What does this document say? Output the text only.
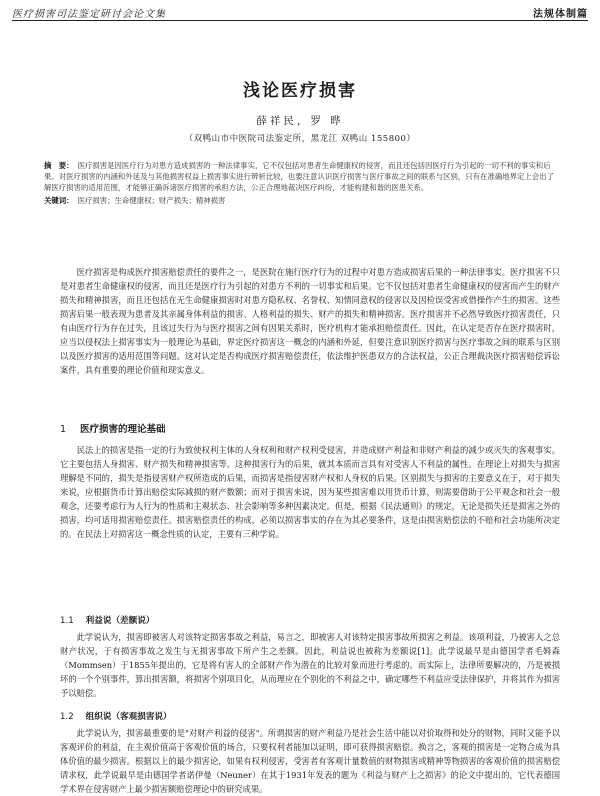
医疗损害司法鉴定研讨会论文集	法规体制篇
浅论医疗损害
薛祥民，罗 晔
（双鸭山市中医院司法鉴定所，黑龙江 双鸭山 155800）
摘　要： 医疗损害是因医疗行为对患方造成损害的一种法律事实，它不仅包括对患者生命健康权的侵害，而且还包括因医疗行为引起的一切不利的事实和后果。对医疗损害的内涵和外延及与其他损害权益上损害事实进行辨析比较，也要注意认识医疗损害与医疗事故之间的联系与区别，只有在准确地界定上会出了解医疗损害的适用范围，才能够正确诉诸医疗损害的承担方法，公正合理地裁决医疗纠纷，才能构建和谐的医患关系。
关键词： 医疗损害；生命健康权；财产损失；精神损害
医疗损害是构成医疗损害赔偿责任的要件之一，是医院在施行医疗行为的过程中对患方造成损害后果的一种法律事实。医疗损害不只是对患者生命健康权的侵害，而且还是医疗行为引起的对患方不利的一切事实和后果。它不仅包括对患者生命健康权的侵害而产生的财产损失和精神损害，而且还包括在无生命健康损害时对患方隐私权、名誉权、知情同意权的侵害以及因检误受害或借操作产生的损害。这些损害后果一般表现为患者及其亲属身体利益的损害、人格利益的损失、财产的损失和精神损害。医疗损害并不必然导致医疗损害责任，只有由医疗行为存在过失，且该过失行为与医疗损害之间有因果关系时，医疗机构才能承担赔偿责任。因此，在认定是否存在医疗损害时，应当以侵权法上损害事实为一般理论为基础，界定医疗损害这一概念的内涵和外延，但要注意识别医疗损害与医疗事故之间的联系与区别以及医疗损害的适用范围等问题。这对认定是否构成医疗损害赔偿责任，依法维护医患双方的合法权益，公正合理裁决医疗损害赔偿诉讼案件，具有重要的理论价值和现实意义。
1 医疗损害的理论基础
民法上的损害是指一定的行为致使权利主体的人身权利和财产权利受侵害，并造成财产利益和非财产利益的减少或灭失的客观事实。它主要包括人身损害、财产损失和精神损害等。这种损害行为的后果，就其本质而言具有对受害人不利益的属性。在理论上对损失与损害理解是不同的，损失是指侵害财产权所造成的后果，而损害是指侵害财产权和人身权的后果。区别损失与损害的主要意义在于，对于损失来说，应根据货币计算出赔偿实际减损的财产数额；而对于损害来说，因为某些损害难以用货币计算，则需要借助于公平观念和社会一般观念，还要考虑行为人行为的性质和主观状态、社会影响等多种因素决定。但是，根据《民法通则》的规定，无论是损失还是损害之外的损害，均可适用损害赔偿责任。损害赔偿责任的构成，必须以损害事实的存在为其必要条件，这是由损害赔偿法的不赔和社会功能所决定的。在民法上对损害这一概念性质的认定，主要有三种学说。
1.1 利益说（差额说）
此学说认为，损害即被害人对该特定损害事故之利益，易言之，即被害人对该特定损害事故所损害之利益。该项利益，乃被害人之总财产状况，于有损害事故之发生与无损害事故下所产生之差额。因此，利益说也被称为差额说[1]。此学说最早是由德国学者毛姆森（Mommsen）于1855年提出的，它是将有害人的全部财产作为潜在的比较对象而进行考虑的。而实际上，法律所要解决的，乃是被损坏的一个个别事件，算出损害额，将损害个别项目化，从而理应在个别化的不利益之中，确定哪些不利益应受法律保护，并将其作为损害予以赔偿。
1.2 组织说（客观损害说）
此学说认为，损害最重要的是"对财产利益的侵害"。所谓损害的财产利益乃是社会生活中能以对价取得和处分的财物，同时又能予以客观评价的利益，在主观价值高于客观价值的场合，只要权利者能加以证明，即可获得损害赔偿。换言之，客观的损害是一定物合成为具体价值的最少损害。根据以上的最少损害论，如果有权利侵害，受害者有客观计量数值的财物损害或精神等物损害的客观价值的损害赔偿请求权，此学说最早是由德国学者诺伊曼（Neuner）在其于1931年发表的题为《利益与财产上之损害》的论文中提出的，它代表德国学术界在侵害财产上最少损害额赔偿理论中的研究成果。
